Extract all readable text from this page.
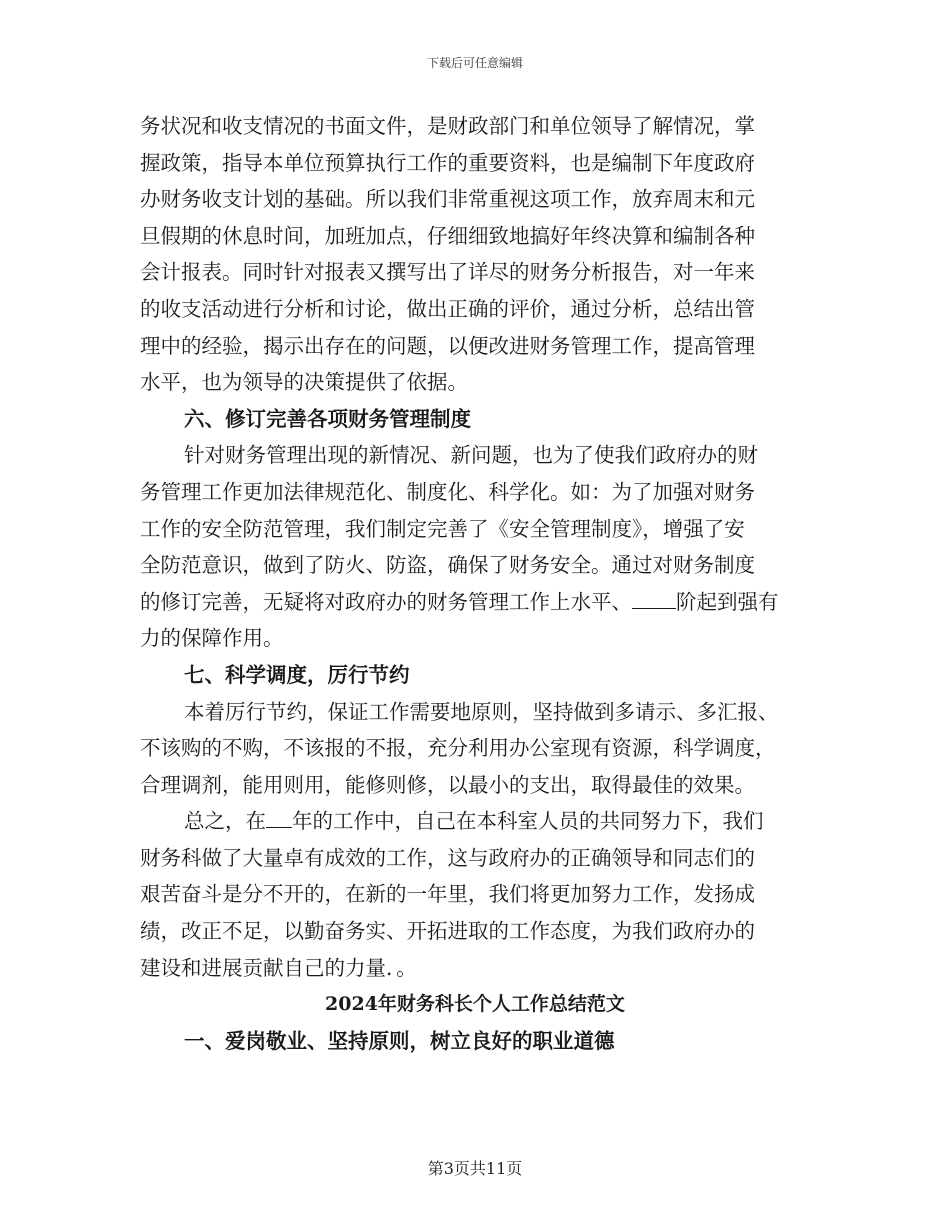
下载后可任意编辑
务状况和收支情况的书面文件，是财政部门和单位领导了解情况，掌
握政策，指导本单位预算执行工作的重要资料，也是编制下年度政府
办财务收支计划的基础。所以我们非常重视这项工作，放弃周末和元
旦假期的休息时间，加班加点，仔细细致地搞好年终决算和编制各种
会计报表。同时针对报表又撰写出了详尽的财务分析报告，对一年来
的收支活动进行分析和讨论，做出正确的评价，通过分析，总结出管
理中的经验，揭示出存在的问题，以便改进财务管理工作，提高管理
水平，也为领导的决策提供了依据。
六、修订完善各项财务管理制度
针对财务管理出现的新情况、新问题，也为了使我们政府办的财
务管理工作更加法律规范化、制度化、科学化。如：为了加强对财务
工作的安全防范管理，我们制定完善了《安全管理制度》，增强了安
全防范意识，做到了防火、防盗，确保了财务安全。通过对财务制度
的修订完善，无疑将对政府办的财务管理工作上水平、 阶起到强有
力的保障作用。
七、科学调度，厉行节约
本着厉行节约，保证工作需要地原则，坚持做到多请示、多汇报、
不该购的不购，不该报的不报，充分利用办公室现有资源，科学调度，
合理调剂，能用则用，能修则修，以最小的支出，取得最佳的效果。
总之，在 年的工作中，自己在本科室人员的共同努力下，我们
财务科做了大量卓有成效的工作，这与政府办的正确领导和同志们的
艰苦奋斗是分不开的，在新的一年里，我们将更加努力工作，发扬成
绩，改正不足，以勤奋务实、开拓进取的工作态度，为我们政府办的
建设和进展贡献自己的力量．。
2024年财务科长个人工作总结范文
一、爱岗敬业、坚持原则，树立良好的职业道德
第3页共11页
